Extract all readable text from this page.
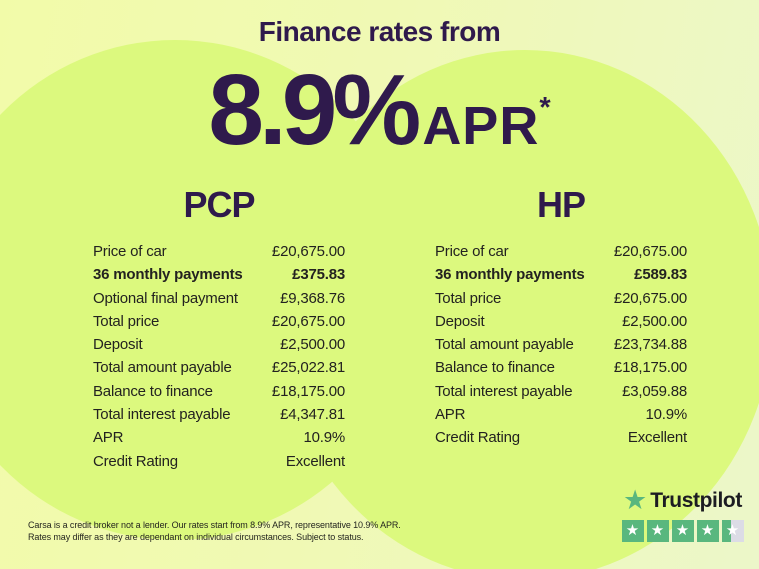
Finance rates from
8.9% APR*
PCP
Price of car	£20,675.00
36 monthly payments	£375.83
Optional final payment	£9,368.76
Total price	£20,675.00
Deposit	£2,500.00
Total amount payable	£25,022.81
Balance to finance	£18,175.00
Total interest payable	£4,347.81
APR	10.9%
Credit Rating	Excellent
HP
Price of car	£20,675.00
36 monthly payments	£589.83
Total price	£20,675.00
Deposit	£2,500.00
Total amount payable	£23,734.88
Balance to finance	£18,175.00
Total interest payable	£3,059.88
APR	10.9%
Credit Rating	Excellent

Carsa is a credit broker not a lender. Our rates start from 8.9% APR, representative 10.9% APR.
Rates may differ as they are dependant on individual circumstances. Subject to status.

★ Trustpilot
★ ★ ★ ★ ★
